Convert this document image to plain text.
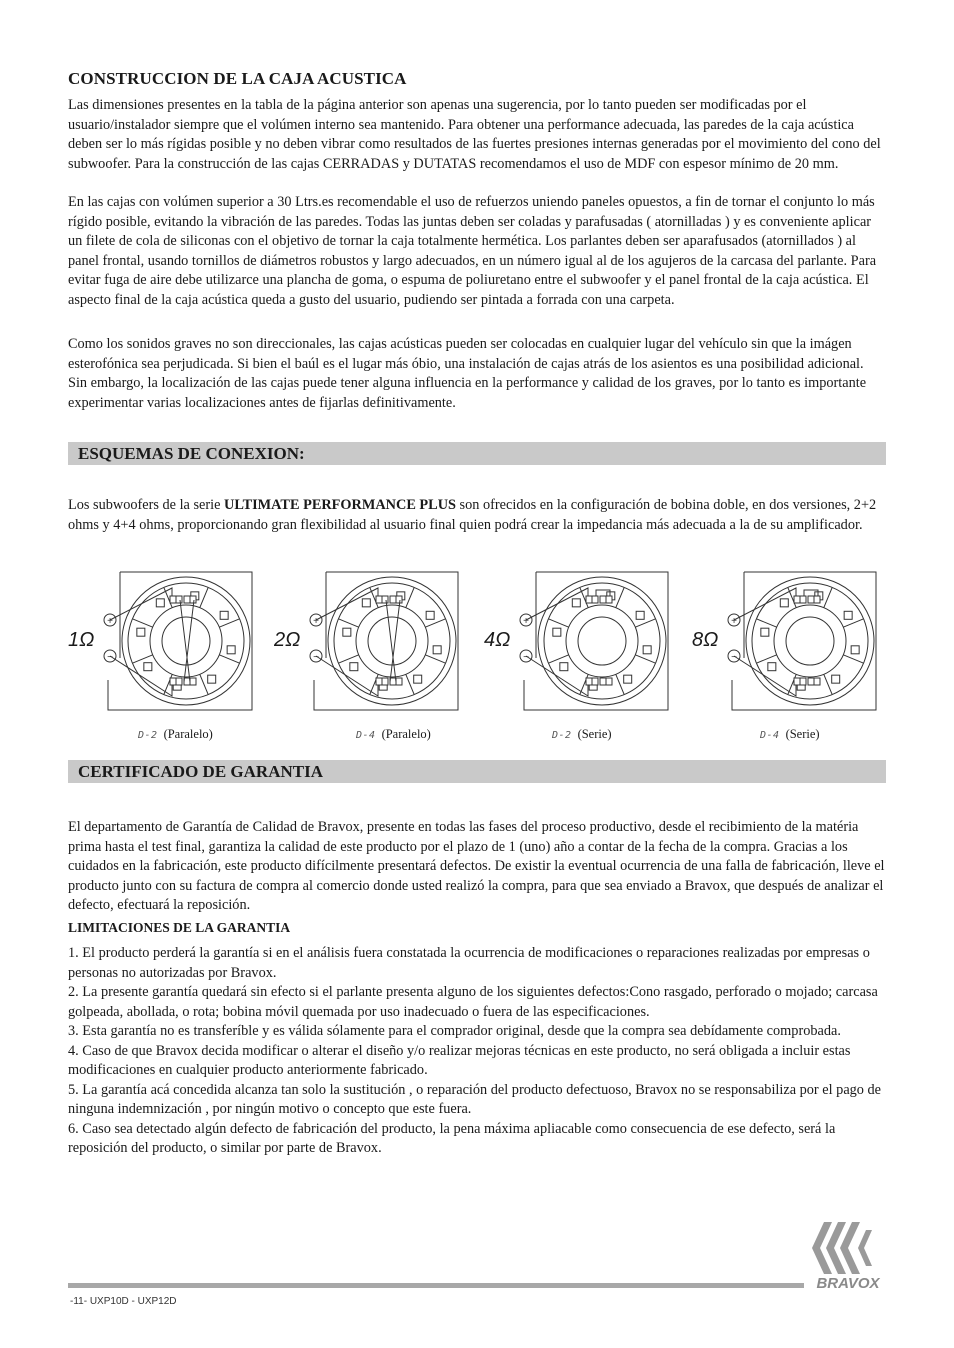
CONSTRUCCION DE LA CAJA ACUSTICA

Las dimensiones presentes en la tabla de la página anterior son apenas una sugerencia, por lo tanto pueden ser modificadas por el usuario/instalador siempre que el volúmen interno sea mantenido. Para obtener una performance adecuada, las paredes de la caja acústica deben ser lo más rígidas posible y no deben vibrar como resultados de las fuertes presiones internas generadas por el movimiento del cono del subwoofer. Para la construcción de las cajas CERRADAS y DUTATAS recomendamos el uso de MDF con espesor mínimo de 20 mm.

En las cajas con volúmen superior a 30 Ltrs.es recomendable el uso de refuerzos uniendo paneles opuestos, a fin de tornar el conjunto lo más rígido posible, evitando la vibración de las paredes. Todas las juntas deben ser coladas y parafusadas ( atornilladas ) y es conveniente aplicar un filete de cola de siliconas con el objetivo de tornar la caja totalmente hermética. Los parlantes deben ser aparafusados (atornillados ) al panel frontal, usando tornillos de diámetros robustos y largo adecuados, en un número igual al de los agujeros de la carcasa del parlante. Para evitar fuga de aire debe utilizarce una plancha de goma, o espuma de poliuretano entre el subwoofer y el panel frontal de la caja acústica. El aspecto final de la caja acústica queda a gusto del usuario, pudiendo ser pintada a forrada con una carpeta.

Como los sonidos graves no son direccionales, las cajas acústicas pueden ser colocadas en cualquier lugar del vehículo sin que la imágen esterofónica sea perjudicada. Si bien el baúl es el lugar más óbio, una instalación de cajas atrás de los asientos es una posibilidad adicional. Sin embargo, la localización de las cajas puede tener alguna influencia en la performance y calidad de los graves, por lo tanto es importante experimentar varias localizaciones antes de fijarlas definitivamente.

ESQUEMAS DE CONEXION:

Los subwoofers de la serie ULTIMATE PERFORMANCE PLUS son ofrecidos en la configuración de bobina doble, en dos versiones, 2+2 ohms y 4+4 ohms, proporcionando gran flexibilidad al usuario final quien podrá crear la impedancia más adecuada a la de su amplificador.

+
−
1Ω
D-2 (Paralelo)
+
−
2Ω
D-4 (Paralelo)
+
−
4Ω
D-2 (Serie)
+
−
8Ω
D-4 (Serie)
CERTIFICADO DE GARANTIA

El departamento de Garantía de Calidad de Bravox, presente en todas las fases del proceso productivo, desde el recibimiento de la matéria prima hasta el test final, garantiza la calidad de este producto por el plazo de 1 (uno) año a contar de la fecha de la compra. Gracias a los cuidados en la fabricación, este producto difícilmente presentará defectos. De existir la eventual ocurrencia de una falla de fabricación, lleve el producto junto con su factura de compra al comercio donde usted realizó la compra, para que sea enviado a Bravox, que después de analizar el defecto, efectuará la reposición.

LIMITACIONES DE LA GARANTIA

1. El producto perderá la garantía si en el análisis fuera constatada la ocurrencia de modificaciones o reparaciones realizadas por empresas o personas no autorizadas por Bravox.

2. La presente garantía quedará sin efecto si el parlante presenta alguno de los siguientes defectos:Cono rasgado, perforado o mojado; carcasa golpeada, abollada, o rota; bobina móvil quemada por uso inadecuado o fuera de las especificaciones.

3. Esta garantía no es transferíble y es válida sólamente para el comprador original, desde que la compra sea debídamente comprobada.

4. Caso de que Bravox decida modificar o alterar el diseño y/o realizar mejoras técnicas en este producto, no será obligada a incluir estas modificaciones en cualquier producto anteriormente fabricado.

5. La garantía acá concedida alcanza tan solo la sustitución , o reparación del producto defectuoso, Bravox no se responsabiliza por el pago de ninguna indemnización , por ningún motivo o concepto que este fuera.

6. Caso sea detectado algún defecto de fabricación del producto, la pena máxima apliacable como consecuencia de ese defecto, será la reposición del producto, o similar por parte de Bravox.

-11- UXP10D - UXP12D
BRAVOX
